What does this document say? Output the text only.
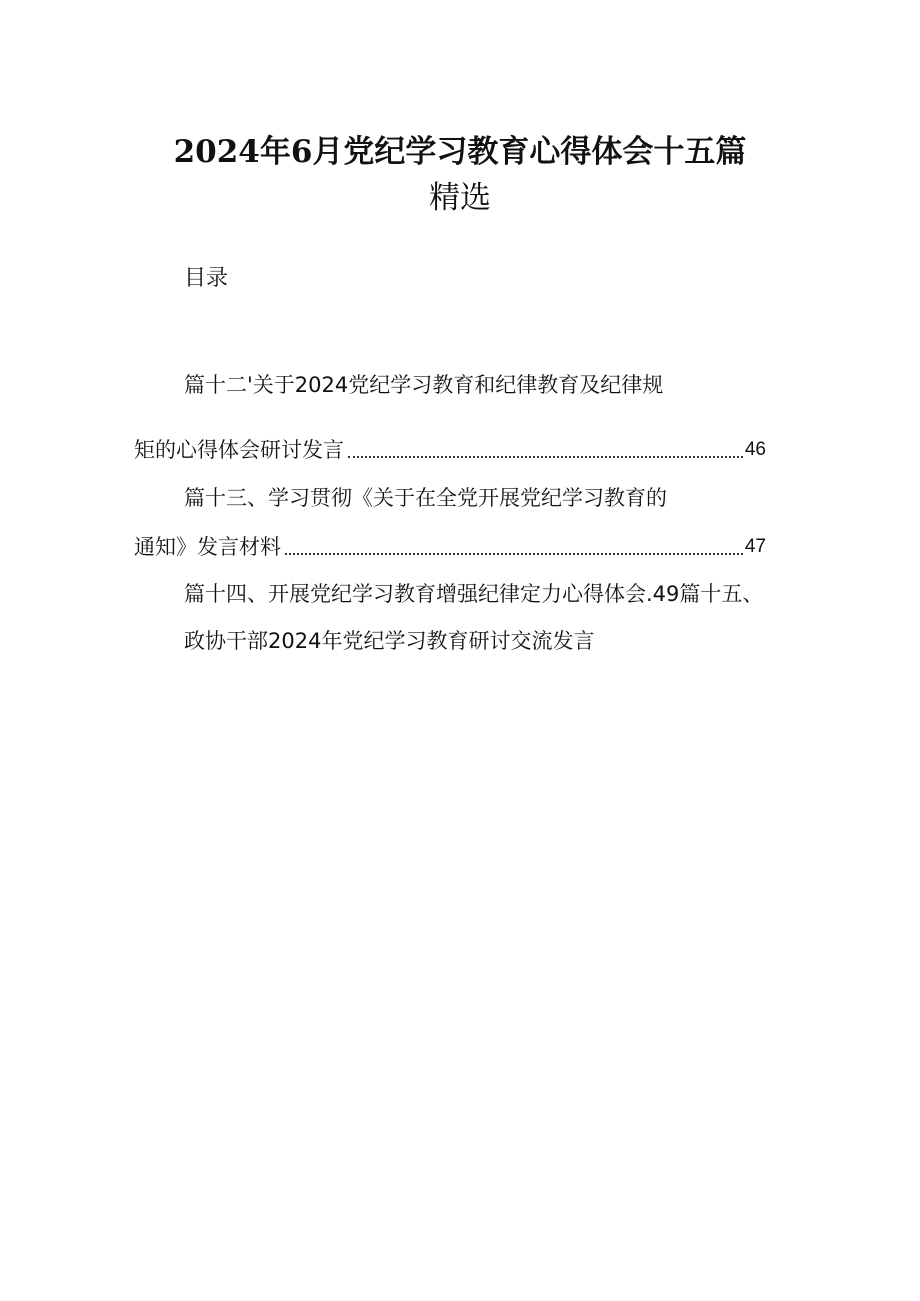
2024年6月党纪学习教育心得体会十五篇
精选
目录
篇十二'关于2024党纪学习教育和纪律教育及纪律规
矩的心得体会研讨发言	46
篇十三、学习贯彻《关于在全党开展党纪学习教育的
通知》发言材料	47
篇十四、开展党纪学习教育增强纪律定力心得体会.49篇十五、
政协干部2024年党纪学习教育研讨交流发言
